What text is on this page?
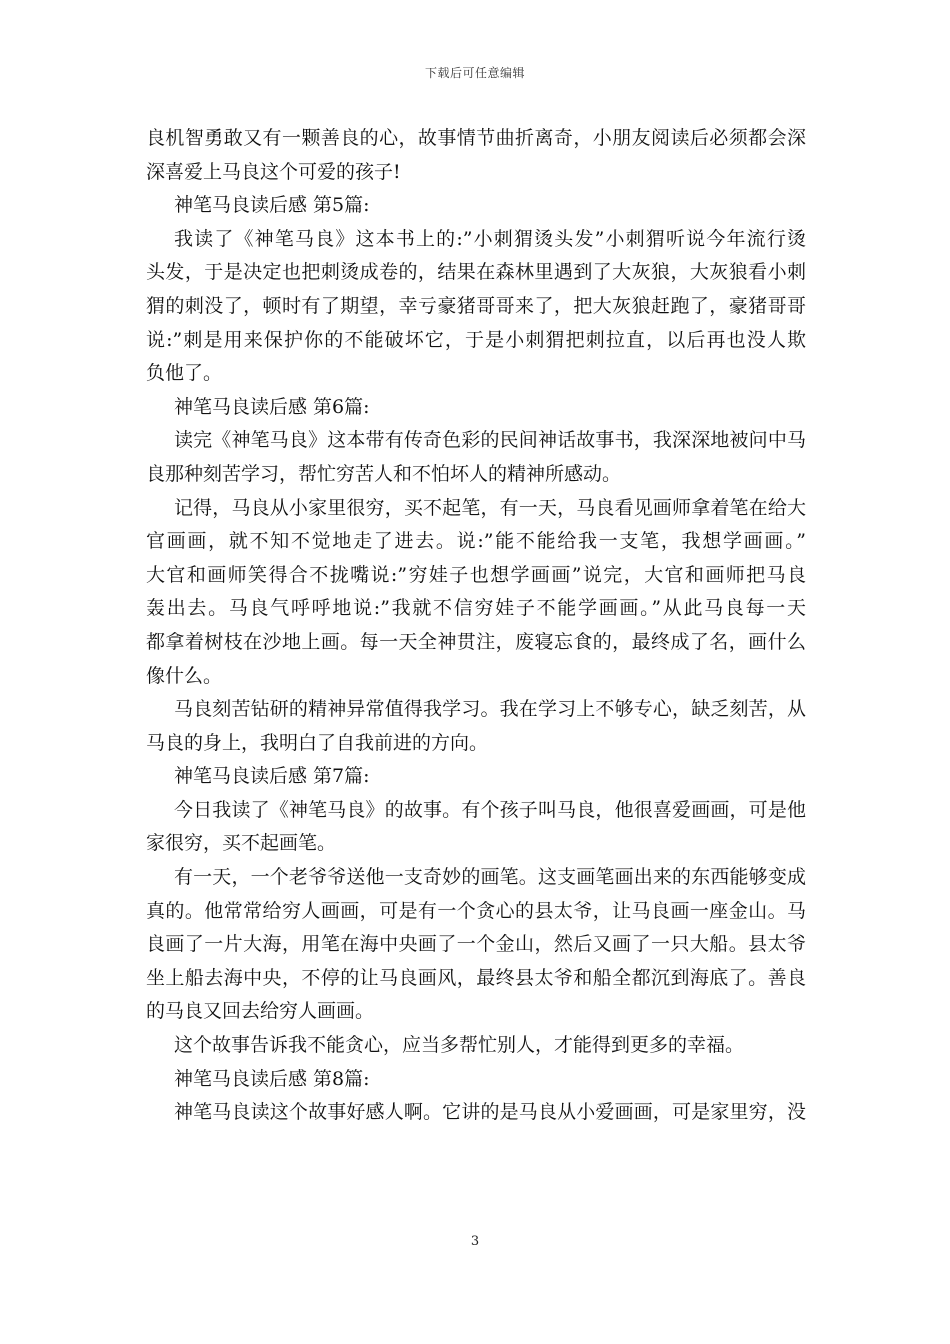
下载后可任意编辑
良机智勇敢又有一颗善良的心，故事情节曲折离奇，小朋友阅读后必须都会深
深喜爱上马良这个可爱的孩子!
神笔马良读后感 第5篇:
我读了《神笔马良》这本书上的:”小刺猬烫头发”小刺猬听说今年流行烫
头发，于是决定也把刺烫成卷的，结果在森林里遇到了大灰狼，大灰狼看小刺
猬的刺没了，顿时有了期望，幸亏豪猪哥哥来了，把大灰狼赶跑了，豪猪哥哥
说:”刺是用来保护你的不能破坏它，于是小刺猬把刺拉直，以后再也没人欺
负他了。
神笔马良读后感 第6篇:
读完《神笔马良》这本带有传奇色彩的民间神话故事书，我深深地被问中马
良那种刻苦学习，帮忙穷苦人和不怕坏人的精神所感动。
记得，马良从小家里很穷，买不起笔，有一天，马良看见画师拿着笔在给大
官画画，就不知不觉地走了进去。说:”能不能给我一支笔，我想学画画。”
大官和画师笑得合不拢嘴说:”穷娃子也想学画画”说完，大官和画师把马良
轰出去。马良气呼呼地说:”我就不信穷娃子不能学画画。”从此马良每一天
都拿着树枝在沙地上画。每一天全神贯注，废寝忘食的，最终成了名，画什么
像什么。
马良刻苦钻研的精神异常值得我学习。我在学习上不够专心，缺乏刻苦，从
马良的身上，我明白了自我前进的方向。
神笔马良读后感 第7篇:
今日我读了《神笔马良》的故事。有个孩子叫马良，他很喜爱画画，可是他
家很穷，买不起画笔。
有一天，一个老爷爷送他一支奇妙的画笔。这支画笔画出来的东西能够变成
真的。他常常给穷人画画，可是有一个贪心的县太爷，让马良画一座金山。马
良画了一片大海，用笔在海中央画了一个金山，然后又画了一只大船。县太爷
坐上船去海中央，不停的让马良画风，最终县太爷和船全都沉到海底了。善良
的马良又回去给穷人画画。
这个故事告诉我不能贪心，应当多帮忙别人，才能得到更多的幸福。
神笔马良读后感 第8篇:
神笔马良读这个故事好感人啊。它讲的是马良从小爱画画，可是家里穷，没
3
